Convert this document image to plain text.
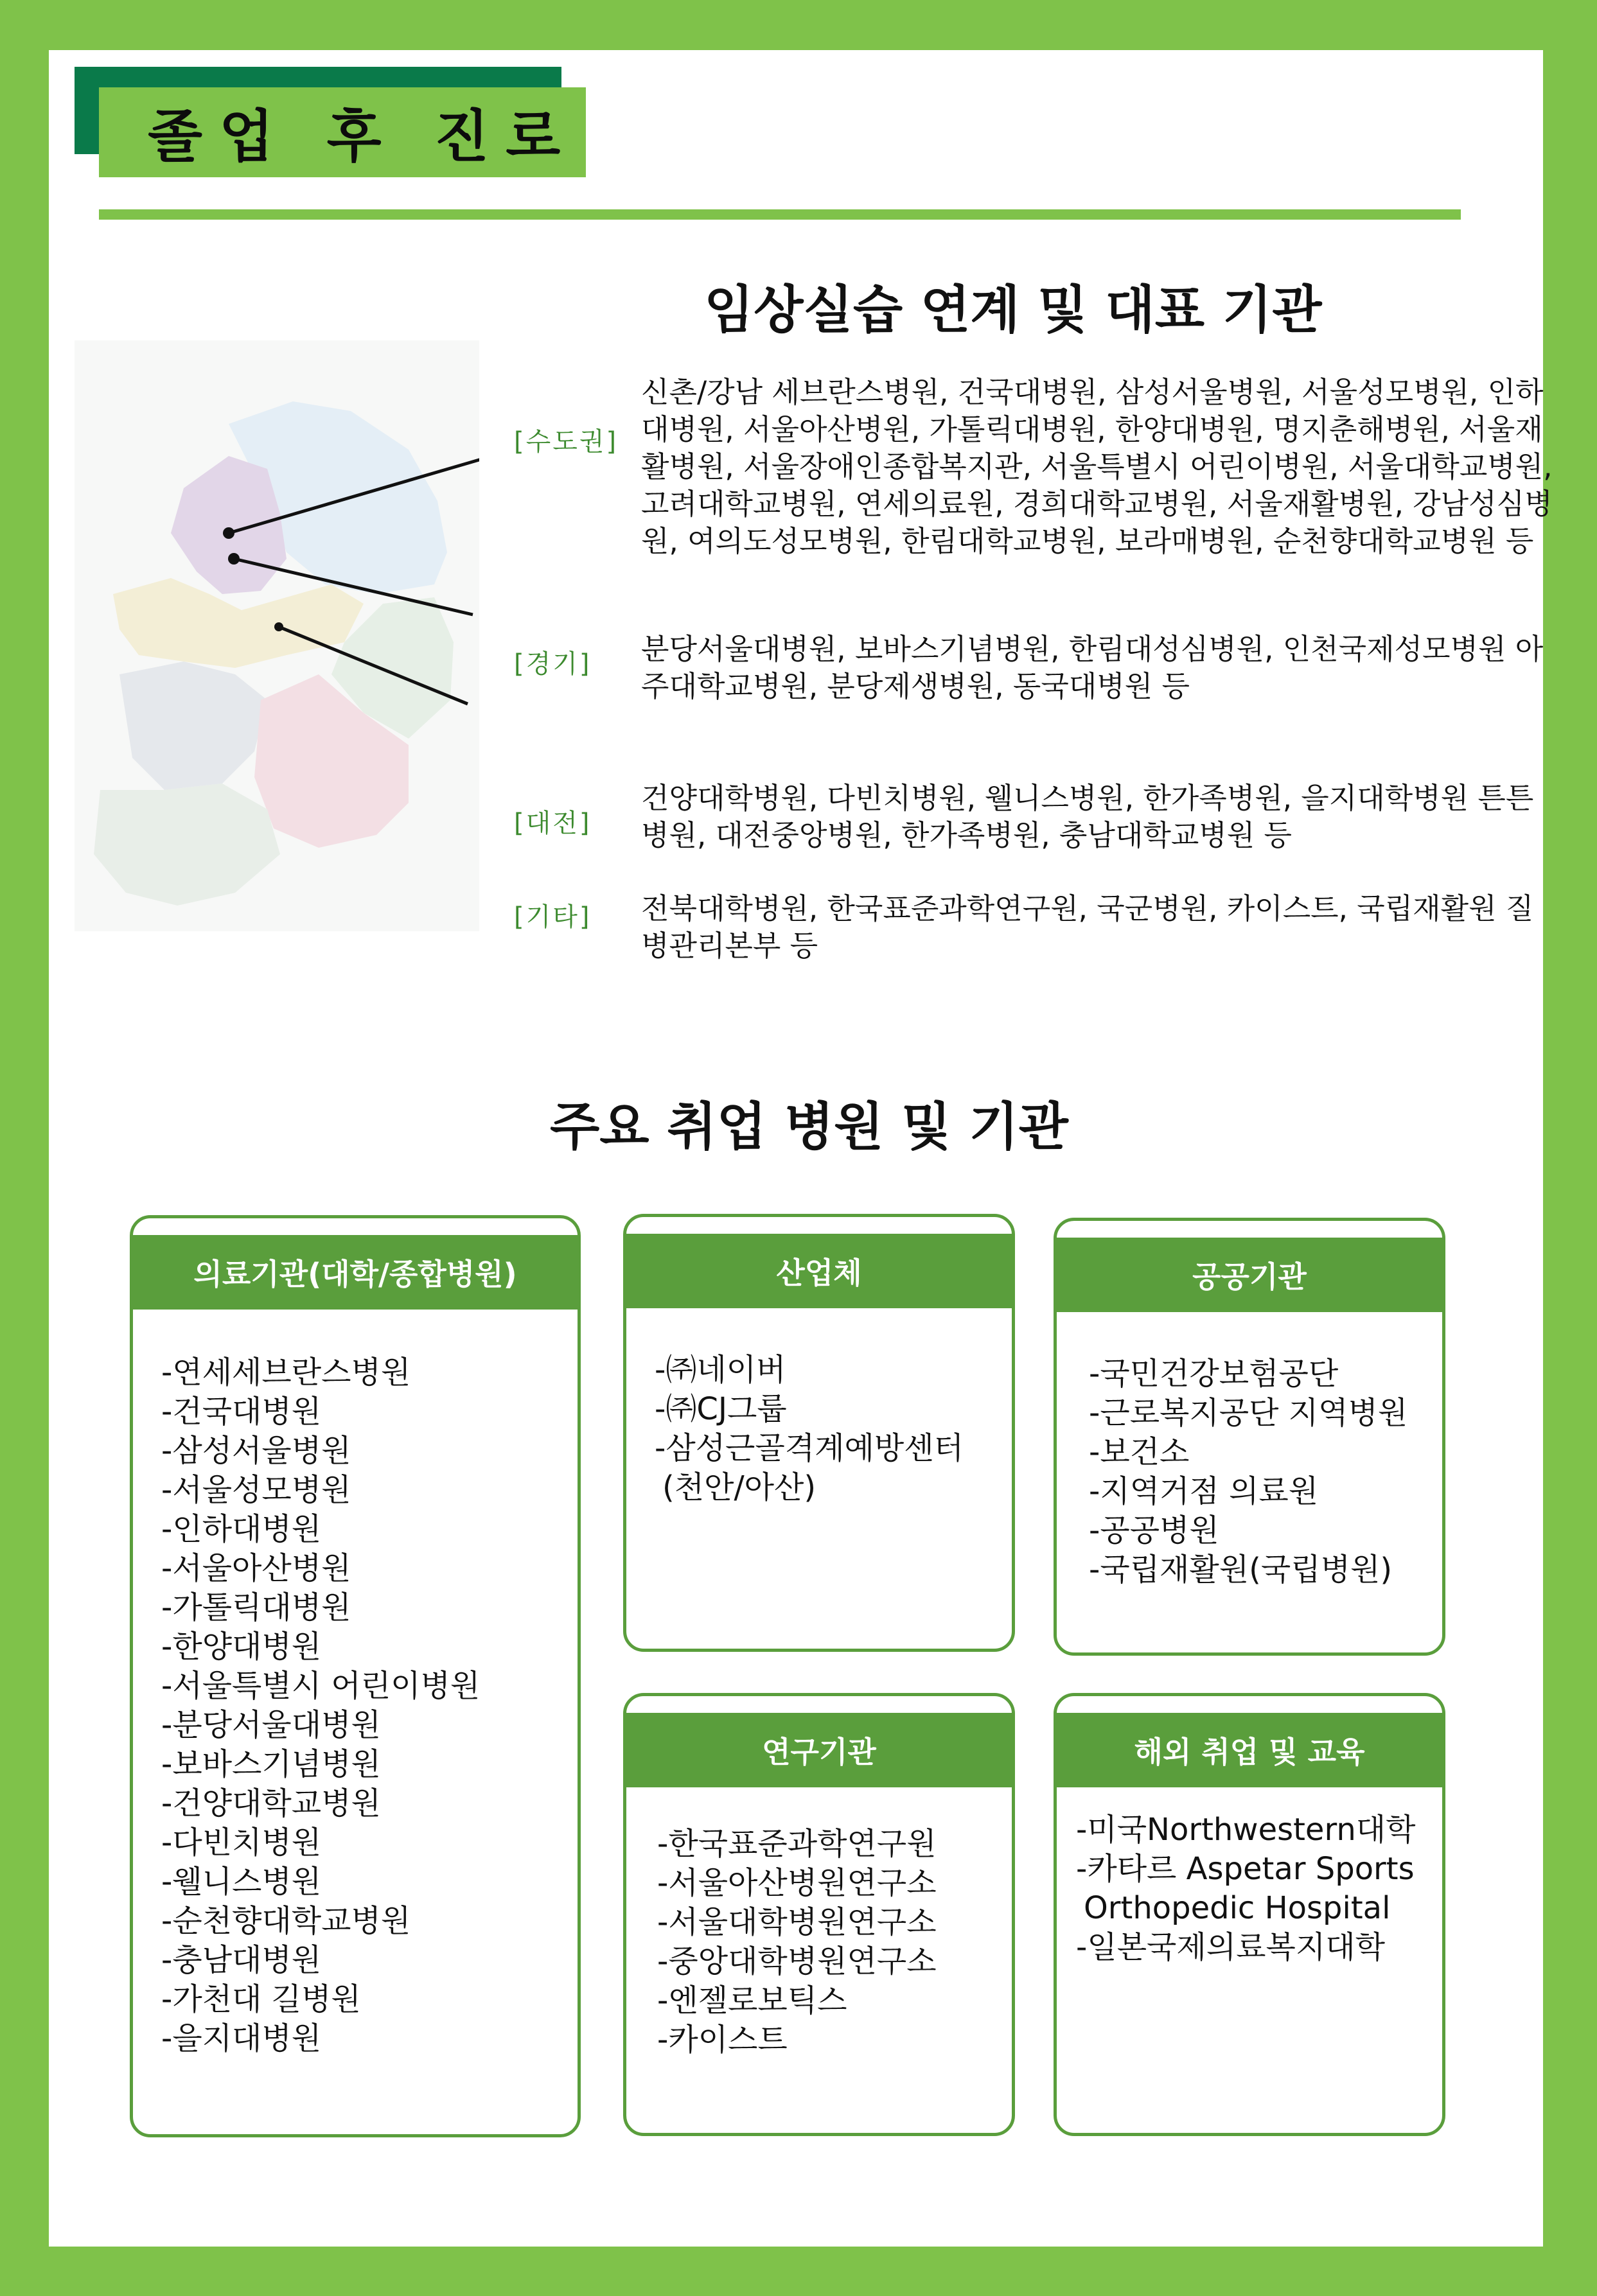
졸업 후 진로
임상실습 연계 및 대표 기관
[수도권]
신촌/강남 세브란스병원, 건국대병원, 삼성서울병원, 서울성모병원, 인하대병원, 서울아산병원, 가톨릭대병원, 한양대병원, 명지춘해병원, 서울재활병원, 서울장애인종합복지관, 서울특별시 어린이병원, 서울대학교병원, 고려대학교병원, 연세의료원, 경희대학교병원, 서울재활병원, 강남성심병원, 여의도성모병원, 한림대학교병원, 보라매병원, 순천향대학교병원 등
[경기] 분당서울대병원, 보바스기념병원, 한림대성심병원, 인천국제성모병원 아주대학교병원, 분당제생병원, 동국대병원 등
[대전]
건양대학병원, 다빈치병원, 웰니스병원, 한가족병원, 을지대학병원 튼튼병원, 대전중앙병원, 한가족병원, 충남대학교병원 등
[기타] 전북대학병원, 한국표준과학연구원, 국군병원, 카이스트, 국립재활원 질병관리본부 등
주요 취업 병원 및 기관
의료기관(대학/종합병원)
-연세세브란스병원
-건국대병원
-삼성서울병원
-서울성모병원
-인하대병원
-서울아산병원
-가톨릭대병원
-한양대병원
-서울특별시 어린이병원
-분당서울대병원
-보바스기념병원
-건양대학교병원
-다빈치병원
-웰니스병원
-순천향대학교병원
-충남대병원
-가천대 길병원
-을지대병원
산업체
-㈜네이버
-㈜CJ그룹
-삼성근골격계예방센터
(천안/아산)
공공기관
-국민건강보험공단
-근로복지공단 지역병원
-보건소
-지역거점 의료원
-공공병원
-국립재활원(국립병원)
연구기관
-한국표준과학연구원
-서울아산병원연구소
-서울대학병원연구소
-중앙대학병원연구소
-엔젤로보틱스
-카이스트
해외 취업 및 교육
-미국Northwestern대학
-카타르 Aspetar Sports
Orthopedic Hospital
-일본국제의료복지대학
